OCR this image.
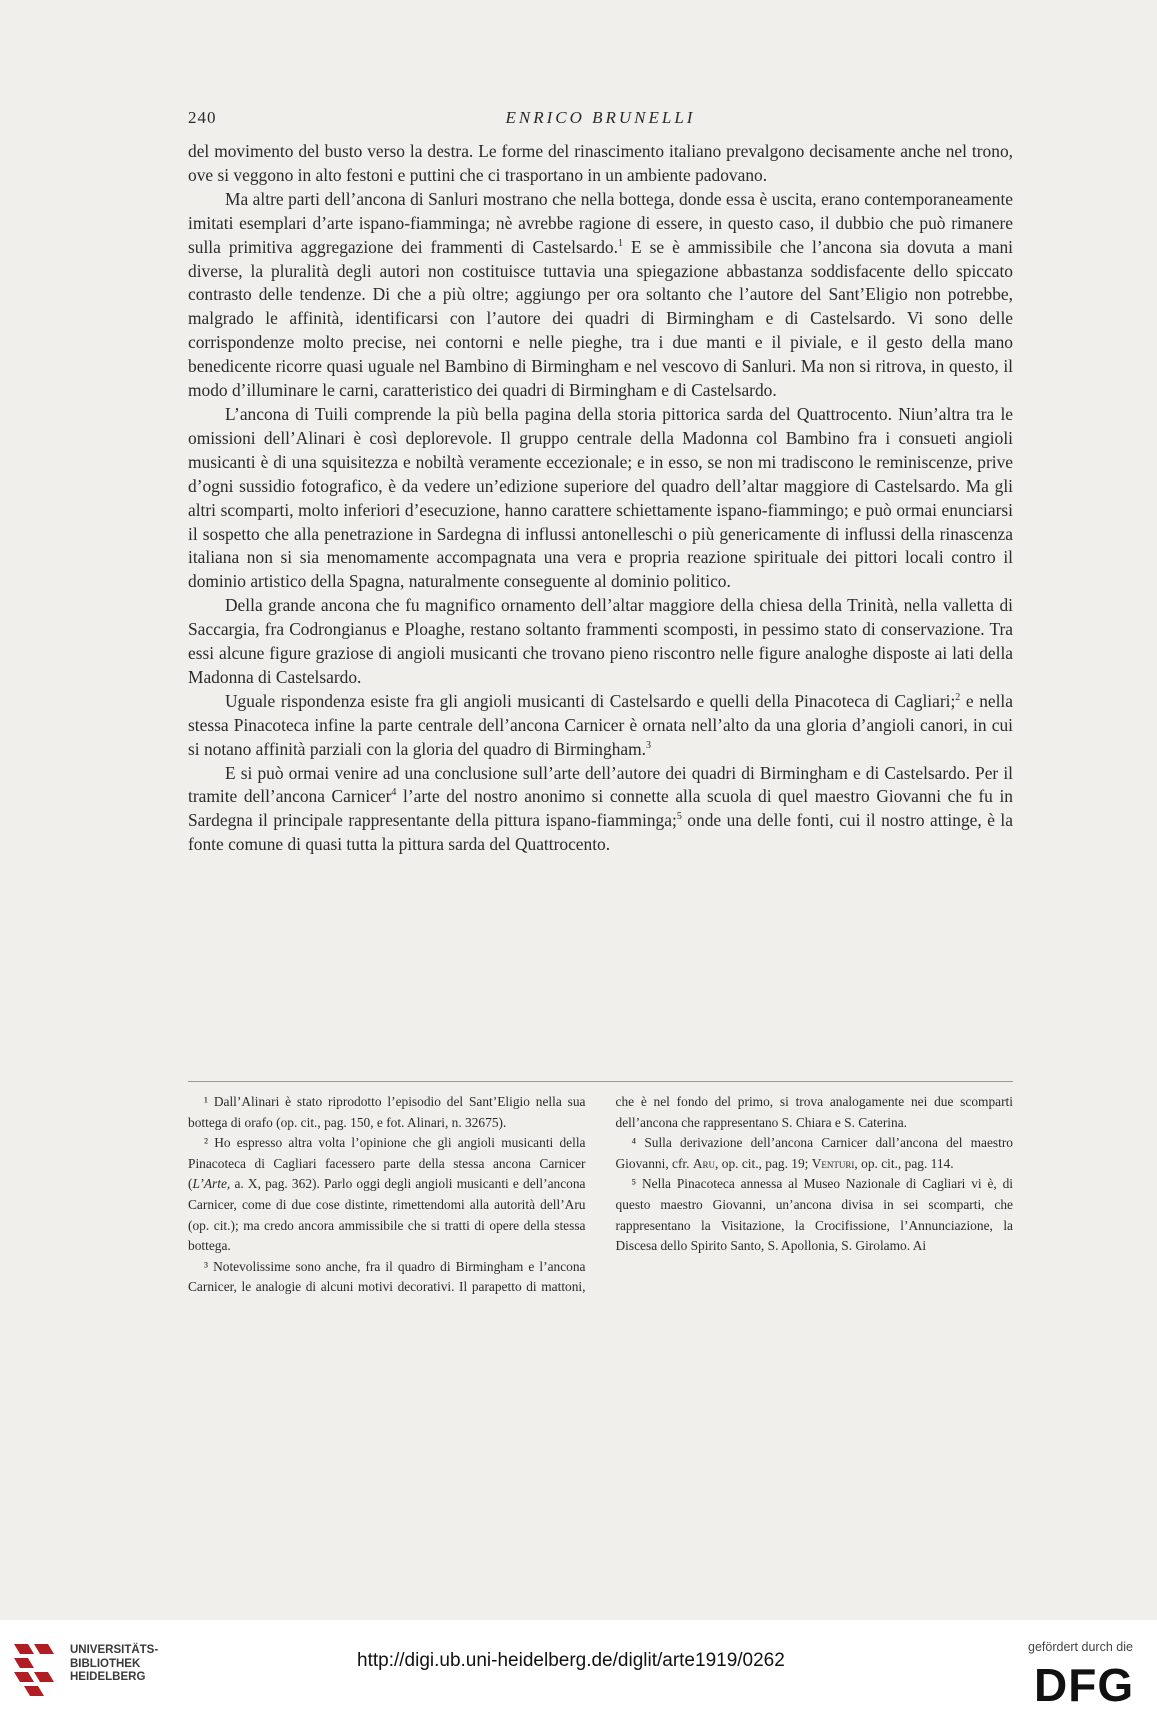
240	ENRICO BRUNELLI

del movimento del busto verso la destra. Le forme del rinascimento italiano prevalgono decisamente anche nel trono, ove si veggono in alto festoni e puttini che ci trasportano in un ambiente padovano.

Ma altre parti dell’ancona di Sanluri mostrano che nella bottega, donde essa è uscita, erano contemporaneamente imitati esemplari d’arte ispano-fiamminga; nè avrebbe ragione di essere, in questo caso, il dubbio che può rimanere sulla primitiva aggregazione dei frammenti di Castelsardo.$^1$ E se è ammissibile che l’ancona sia dovuta a mani diverse, la pluralità degli autori non costituisce tuttavia una spiegazione abbastanza soddisfacente dello spiccato contrasto delle tendenze. Di che a più oltre; aggiungo per ora soltanto che l’autore del Sant’Eligio non potrebbe, malgrado le affinità, identificarsi con l’autore dei quadri di Birmingham e di Castelsardo. Vi sono delle corrispondenze molto precise, nei contorni e nelle pieghe, tra i due manti e il piviale, e il gesto della mano benedicente ricorre quasi uguale nel Bambino di Birmingham e nel vescovo di Sanluri. Ma non si ritrova, in questo, il modo d’illuminare le carni, caratteristico dei quadri di Birmingham e di Castelsardo.

L’ancona di Tuili comprende la più bella pagina della storia pittorica sarda del Quattrocento. Niun’altra tra le omissioni dell’Alinari è così deplorevole. Il gruppo centrale della Madonna col Bambino fra i consueti angioli musicanti è di una squisitezza e nobiltà veramente eccezionale; e in esso, se non mi tradiscono le reminiscenze, prive d’ogni sussidio fotografico, è da vedere un’edizione superiore del quadro dell’altar maggiore di Castelsardo. Ma gli altri scomparti, molto inferiori d’esecuzione, hanno carattere schiettamente ispano-fiammingo; e può ormai enunciarsi il sospetto che alla penetrazione in Sardegna di influssi antonelleschi o più genericamente di influssi della rinascenza italiana non si sia menomamente accompagnata una vera e propria reazione spirituale dei pittori locali contro il dominio artistico della Spagna, naturalmente conseguente al dominio politico.

Della grande ancona che fu magnifico ornamento dell’altar maggiore della chiesa della Trinità, nella valletta di Saccargia, fra Codrongianus e Ploaghe, restano soltanto frammenti scomposti, in pessimo stato di conservazione. Tra essi alcune figure graziose di angioli musicanti che trovano pieno riscontro nelle figure analoghe disposte ai lati della Madonna di Castelsardo.

Uguale rispondenza esiste fra gli angioli musicanti di Castelsardo e quelli della Pinacoteca di Cagliari;$^2$ e nella stessa Pinacoteca infine la parte centrale dell’ancona Carnicer è ornata nell’alto da una gloria d’angioli canori, in cui si notano affinità parziali con la gloria del quadro di Birmingham.$^3$

E si può ormai venire ad una conclusione sull’arte dell’autore dei quadri di Birmingham e di Castelsardo. Per il tramite dell’ancona Carnicer$^4$ l’arte del nostro anonimo si connette alla scuola di quel maestro Giovanni che fu in Sardegna il principale rappresentante della pittura ispano-fiamminga;$^5$ onde una delle fonti, cui il nostro attinge, è la fonte comune di quasi tutta la pittura sarda del Quattrocento.

¹ Dall’Alinari è stato riprodotto l’episodio del Sant’Eligio nella sua bottega di orafo (op. cit., pag. 150, e fot. Alinari, n. 32675).

² Ho espresso altra volta l’opinione che gli angioli musicanti della Pinacoteca di Cagliari facessero parte della stessa ancona Carnicer (L’Arte, a. X, pag. 362). Parlo oggi degli angioli musicanti e dell’ancona Carnicer, come di due cose distinte, rimettendomi alla autorità dell’Aru (op. cit.); ma credo ancora ammissibile che si tratti di opere della stessa bottega.

³ Notevolissime sono anche, fra il quadro di Birmingham e l’ancona Carnicer, le analogie di alcuni motivi decorativi. Il parapetto di mattoni, che è nel fondo del primo, si trova analogamente nei due scomparti dell’ancona che rappresentano S. Chiara e S. Caterina.

⁴ Sulla derivazione dell’ancona Carnicer dall’ancona del maestro Giovanni, cfr. Aru, op. cit., pag. 19; Venturi, op. cit., pag. 114.

⁵ Nella Pinacoteca annessa al Museo Nazionale di Cagliari vi è, di questo maestro Giovanni, un’ancona divisa in sei scomparti, che rappresentano la Visitazione, la Crocifissione, l’Annunciazione, la Discesa dello Spirito Santo, S. Apollonia, S. Girolamo. Ai

UNIVERSITÄTS-
BIBLIOTHEK
HEIDELBERG
http://digi.ub.uni-heidelberg.de/diglit/arte1919/0262
gefördert durch die
DFG
